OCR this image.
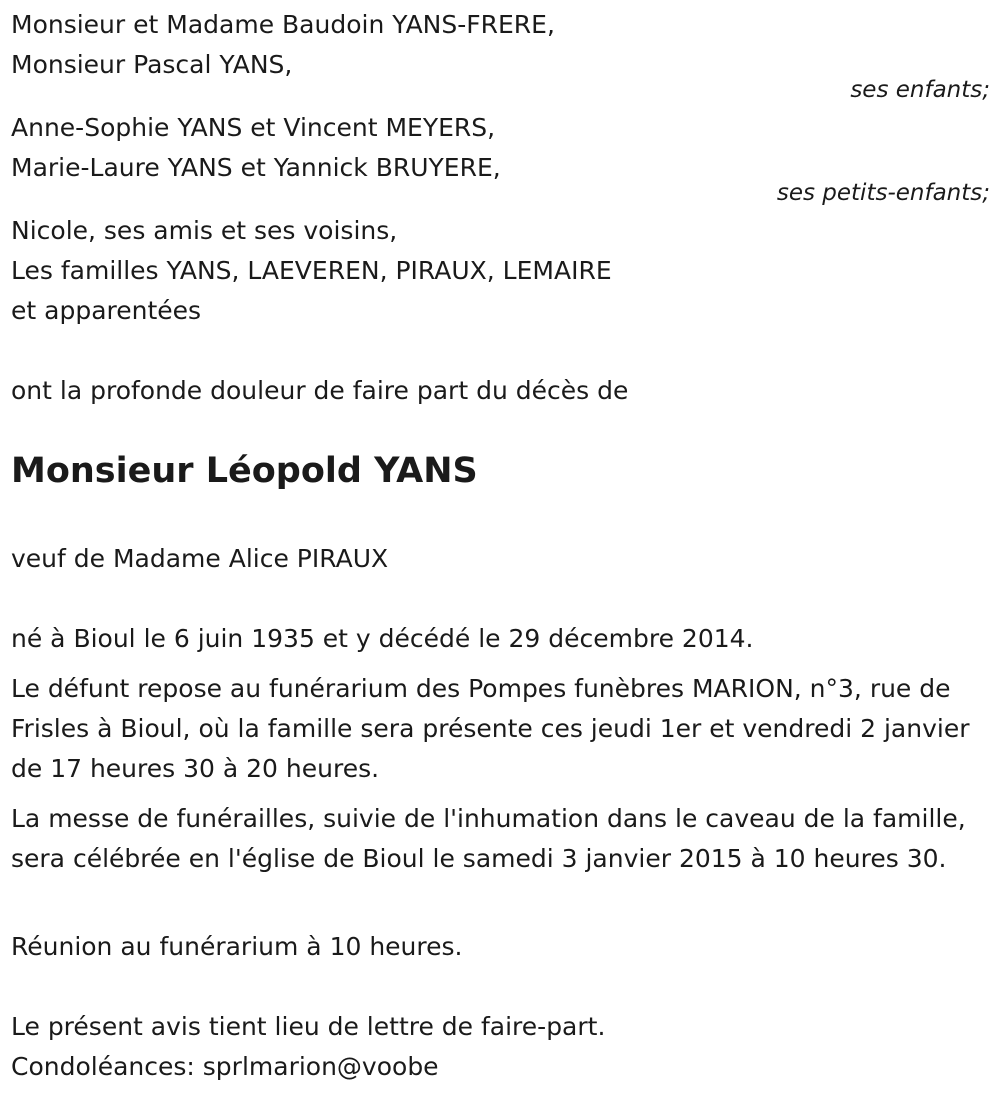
Monsieur et Madame Baudoin YANS-FRERE,
Monsieur Pascal YANS,
ses enfants;
Anne-Sophie YANS et Vincent MEYERS,
Marie-Laure YANS et Yannick BRUYERE,
ses petits-enfants;
Nicole, ses amis et ses voisins,
Les familles YANS, LAEVEREN, PIRAUX, LEMAIRE
et apparentées
ont la profonde douleur de faire part du décès de
Monsieur Léopold YANS
veuf de Madame Alice PIRAUX
né à Bioul le 6 juin 1935 et y décédé le 29 décembre 2014.
Le défunt repose au funérarium des Pompes funèbres MARION, n°3, rue de Frisles à Bioul, où la famille sera présente ces jeudi 1er et vendredi 2 janvier de 17 heures 30 à 20 heures.
La messe de funérailles, suivie de l'inhumation dans le caveau de la famille, sera célébrée en l'église de Bioul le samedi 3 janvier 2015 à 10 heures 30.
Réunion au funérarium à 10 heures.
Le présent avis tient lieu de lettre de faire-part.
Condoléances: sprlmarion@voobe
